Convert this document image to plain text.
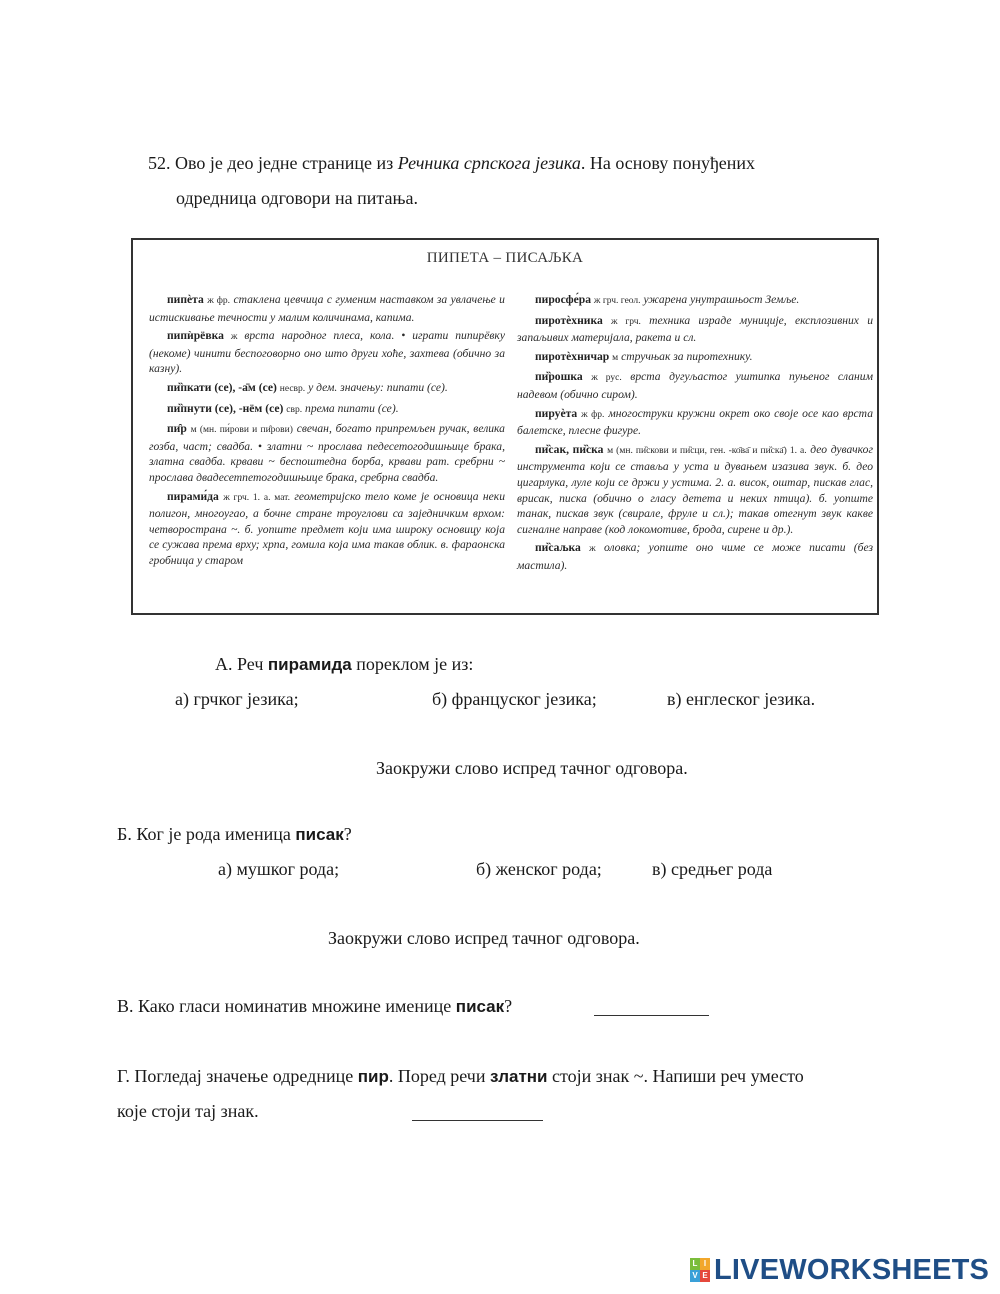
52. Ово је део једне странице из Речника српскога језика. На основу понуђених
одредница одговори на питања.
ПИПЕТА – ПИСАЉКА

пипѐта ж фр. стаклена цевчица с гуменим наставком за увлачење и истискивање течности у малим количинама, капима.

пипѝрёвка ж врста народног плеса, кола. • играти пипирёвку (некоме) чинити беспоговорно оно што други хоће, захтева (обично за казну).

пи̏пкати (се), -а̄м (се) несвр. у дем. значењу: пипати (се).

пи̏пнути (се), -нём (се) свр. према пипати (се).

пи̑р м (мн. пи́рови и пи̑рови) свечан, богато припремљен ручак, велика гозба, част; свадба. • златни ~ прослава педесетогодишњице брака, златна свадба. крвави ~ беспоштедна борба, крвави рат. сребрни ~ прослава двадесетпетогодишњице брака, сребрна свадба.

пирами́да ж грч. 1. а. мат. геометријско тело коме је основица неки полигон, многоугао, а бочне стране троуглови са заједничким врхом: четворострана ~. б. уопште предмет који има широку основицу која се сужава према врху; хрпа, гомила која има такав облик. в. фараонска гробница у старом

пиросфе́ра ж грч. геол. ужарена унутрашњост Земље.

пиротѐхника ж грч. техника израде муниције, експлозивних и запаљивих материјала, ракета и сл.

пиротѐхничар м стручњак за пиротехнику.

пи̏рошка ж рус. врста дугуљастог уштипка пуњеног сланим надевом (обично сиром).

пируѐта ж фр. многоструки кружни окрет око своје осе као врста балетске, плесне фигуре.

пи̏сак, пи̏ска м (мн. пи̏скови и пи̏сци, ген. -ко̄ва̄ и пи̏ска̄) 1. а. део дувачког инструмента који се ставља у уста и дувањем изазива звук. б. део цигарлука, луле који се држи у устима. 2. а. висок, оштар, пискав глас, врисак, писка (обично о гласу детета и неких птица). б. уопште танак, пискав звук (свирале, фруле и сл.); такав отегнут звук какве сигналне направе (код локомотиве, брода, сирене и др.).

пи̏саљка ж оловка; уопште оно чиме се може писати (без мастила).

А. Реч пирамида пореклом је из:
а) грчког језика;	б) француског језика;	в) енглеског језика.
Заокружи слово испред тачног одговора.
Б. Ког је рода именица писак?
а) мушког рода;	б) женског рода;	в) средњег рода
Заокружи слово испред тачног одговора.
В. Како гласи номинатив множине именице писак?
Г. Погледај значење одреднице пир. Поред речи златни стоји знак ~. Напиши реч уместо
које стоји тај знак.
L I
V E LIVEWORKSHEETS
